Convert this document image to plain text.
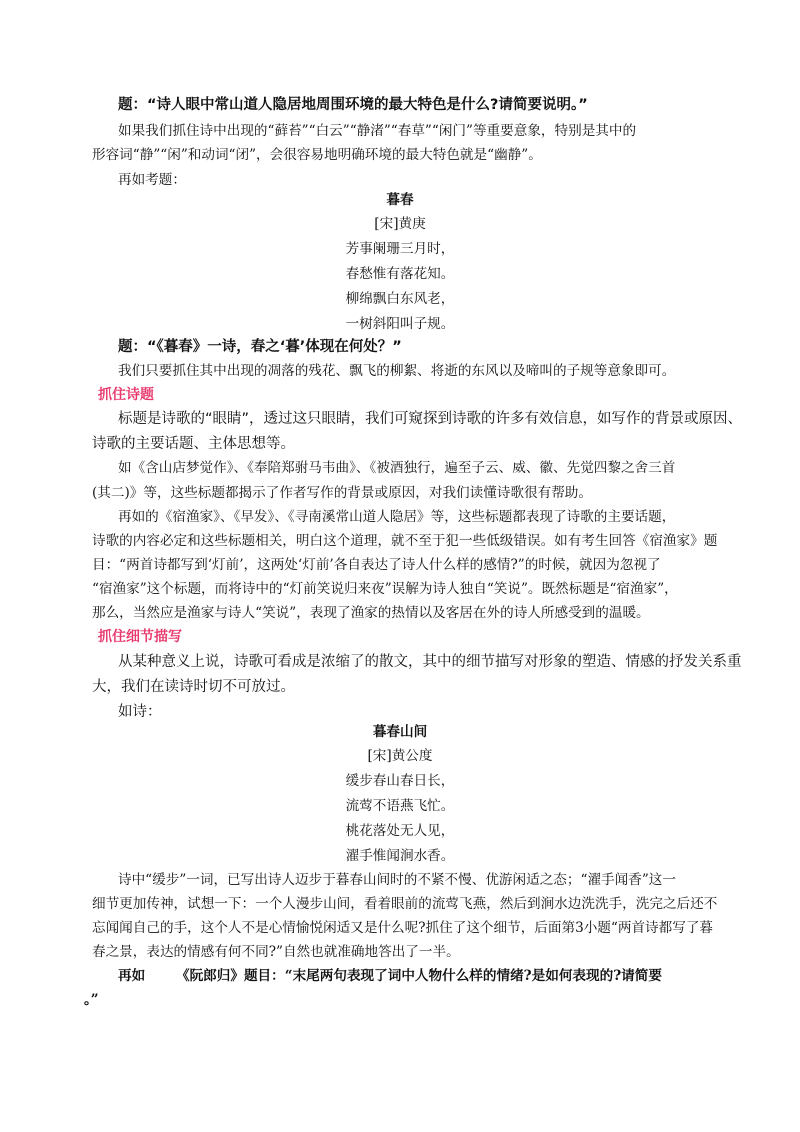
题：“诗人眼中常山道人隐居地周围环境的最大特色是什么?请简要说明。”
如果我们抓住诗中出现的“藓苔”“白云”“静渚”“春草”“闲门”等重要意象，特别是其中的
形容词“静”“闲”和动词“闭”，会很容易地明确环境的最大特色就是“幽静”。
再如考题：
暮春
[宋]黄庚
芳事阑珊三月时，
春愁惟有落花知。
柳绵飘白东风老，
一树斜阳叫子规。
题：“《暮春》一诗，春之‘暮’体现在何处？”
我们只要抓住其中出现的凋落的残花、飘飞的柳絮、将逝的东风以及啼叫的子规等意象即可。
抓住诗题
标题是诗歌的“眼睛”，透过这只眼睛，我们可窥探到诗歌的许多有效信息，如写作的背景或原因、
诗歌的主要话题、主体思想等。
如《含山店梦觉作》、《奉陪郑驸马韦曲》、《被酒独行，遍至子云、威、徽、先觉四黎之舍三首
(其二)》等，这些标题都揭示了作者写作的背景或原因，对我们读懂诗歌很有帮助。
再如的《宿渔家》、《早发》、《寻南溪常山道人隐居》等，这些标题都表现了诗歌的主要话题，
诗歌的内容必定和这些标题相关，明白这个道理，就不至于犯一些低级错误。如有考生回答《宿渔家》题
目：“两首诗都写到‘灯前’，这两处‘灯前’各自表达了诗人什么样的感情?”的时候，就因为忽视了
“宿渔家”这个标题，而将诗中的“灯前笑说归来夜”误解为诗人独自“笑说”。既然标题是“宿渔家”，
那么，当然应是渔家与诗人“笑说”，表现了渔家的热情以及客居在外的诗人所感受到的温暖。
抓住细节描写
从某种意义上说，诗歌可看成是浓缩了的散文，其中的细节描写对形象的塑造、情感的抒发关系重
大，我们在读诗时切不可放过。
如诗：
暮春山间
[宋]黄公度
缓步春山春日长，
流莺不语燕飞忙。
桃花落处无人见，
濯手惟闻涧水香。
诗中“缓步”一词，已写出诗人迈步于暮春山间时的不紧不慢、优游闲适之态；“濯手闻香”这一
细节更加传神，试想一下：一个人漫步山间，看着眼前的流莺飞燕，然后到涧水边洗洗手，洗完之后还不
忘闻闻自己的手，这个人不是心情愉悦闲适又是什么呢?抓住了这个细节，后面第3小题“两首诗都写了暮
春之景，表达的情感有何不同?”自然也就准确地答出了一半。
再如 《阮郎归》题目：“末尾两句表现了词中人物什么样的情绪?是如何表现的?请简要
。”
